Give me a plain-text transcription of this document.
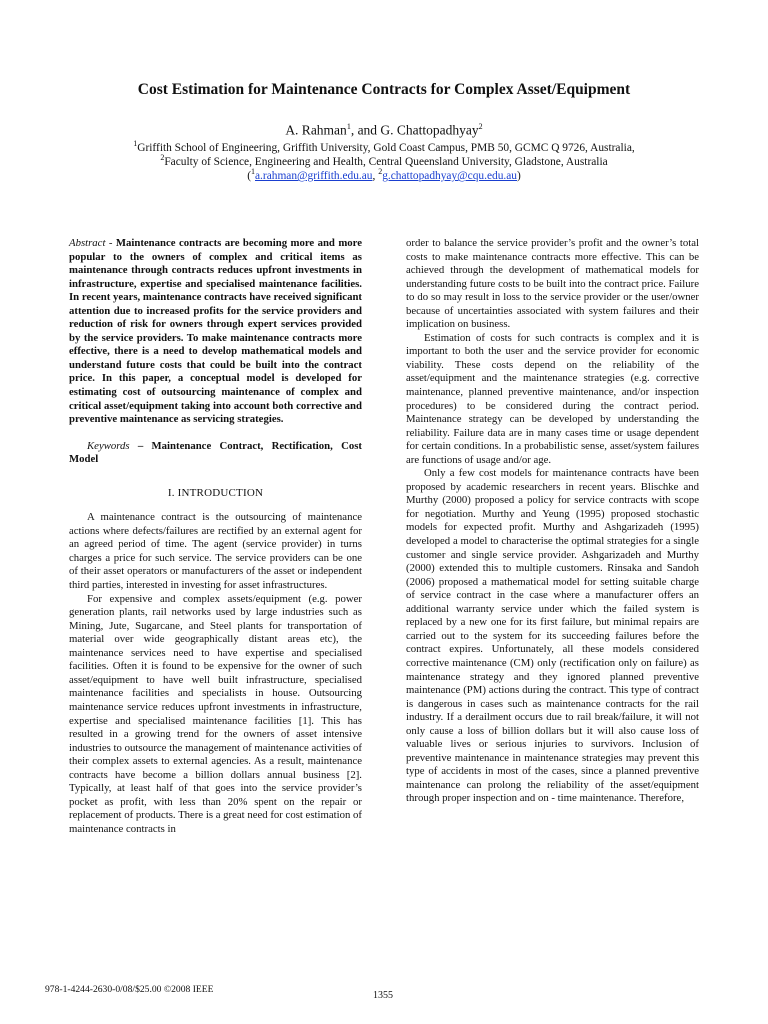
Cost Estimation for Maintenance Contracts for Complex Asset/Equipment
A. Rahman$^1$, and G. Chattopadhyay$^2$
$^1$Griffith School of Engineering, Griffith University, Gold Coast Campus, PMB 50, GCMC Q 9726, Australia,
$^2$Faculty of Science, Engineering and Health, Central Queensland University, Gladstone, Australia
($^1$a.rahman@griffith.edu.au, $^2$g.chattopadhyay@cqu.edu.au)

Abstract - Maintenance contracts are becoming more and more popular to the owners of complex and critical items as maintenance through contracts reduces upfront investments in infrastructure, expertise and specialised maintenance facilities. In recent years, maintenance contracts have received significant attention due to increased profits for the service providers and reduction of risk for owners through expert services provided by the service providers. To make maintenance contracts more effective, there is a need to develop mathematical models and understand future costs that could be built into the contract price. In this paper, a conceptual model is developed for estimating cost of outsourcing maintenance of complex and critical asset/equipment taking into account both corrective and preventive maintenance as servicing strategies.

Keywords – Maintenance Contract, Rectification, Cost Model

I. INTRODUCTION

A maintenance contract is the outsourcing of maintenance actions where defects/failures are rectified by an external agent for an agreed period of time. The agent (service provider) in turns charges a price for such service. The service providers can be one of their asset operators or manufacturers of the asset or independent third parties, interested in investing for asset infrastructures.

For expensive and complex assets/equipment (e.g. power generation plants, rail networks used by large industries such as Mining, Jute, Sugarcane, and Steel plants for transportation of material over wide geographically distant areas etc), the maintenance services need to have expertise and specialised facilities. Often it is found to be expensive for the owner of such asset/equipment to have well built infrastructure, specialised maintenance facilities and specialists in house. Outsourcing maintenance service reduces upfront investments in infrastructure, expertise and specialised maintenance facilities [1]. This has resulted in a growing trend for the owners of asset intensive industries to outsource the management of maintenance activities of their complex assets to external agencies. As a result, maintenance contracts have become a billion dollars annual business [2]. Typically, at least half of that goes into the service provider’s pocket as profit, with less than 20% spent on the repair or replacement of products. There is a great need for cost estimation of maintenance contracts in

order to balance the service provider’s profit and the owner’s total costs to make maintenance contracts more effective. This can be achieved through the development of mathematical models for understanding future costs to be built into the contract price. Failure to do so may result in loss to the service provider or the user/owner because of uncertainties associated with system failures and their implication on business.

Estimation of costs for such contracts is complex and it is important to both the user and the service provider for economic viability. These costs depend on the reliability of the asset/equipment and the maintenance strategies (e.g. corrective maintenance, planned preventive maintenance, and/or inspection procedures) to be considered during the contract period. Maintenance strategy can be developed by understanding the reliability. Failure data are in many cases time or usage dependent for certain conditions. In a probabilistic sense, asset/system failures are functions of usage and/or age.

Only a few cost models for maintenance contracts have been proposed by academic researchers in recent years. Blischke and Murthy (2000) proposed a policy for service contracts with scope for negotiation. Murthy and Yeung (1995) proposed stochastic models for expected profit. Murthy and Ashgarizadeh (1995) developed a model to characterise the optimal strategies for a single customer and single service provider. Ashgarizadeh and Murthy (2000) extended this to multiple customers. Rinsaka and Sandoh (2006) proposed a mathematical model for setting suitable charge of service contract in the case where a manufacturer offers an additional warranty service under which the failed system is replaced by a new one for its first failure, but minimal repairs are carried out to the system for its succeeding failures before the contract expires. Unfortunately, all these models considered corrective maintenance (CM) only (rectification only on failure) as maintenance strategy and they ignored planned preventive maintenance (PM) actions during the contract. This type of contract is dangerous in cases such as maintenance contracts for the rail industry. If a derailment occurs due to rail break/failure, it will not only cause a loss of billion dollars but it will also cause loss of valuable lives or serious injuries to survivors. Inclusion of preventive maintenance in maintenance strategies may prevent this type of accidents in most of the cases, since a planned preventive maintenance can prolong the reliability of the asset/equipment through proper inspection and on - time maintenance. Therefore,

978-1-4244-2630-0/08/$25.00 ©2008 IEEE
1355
